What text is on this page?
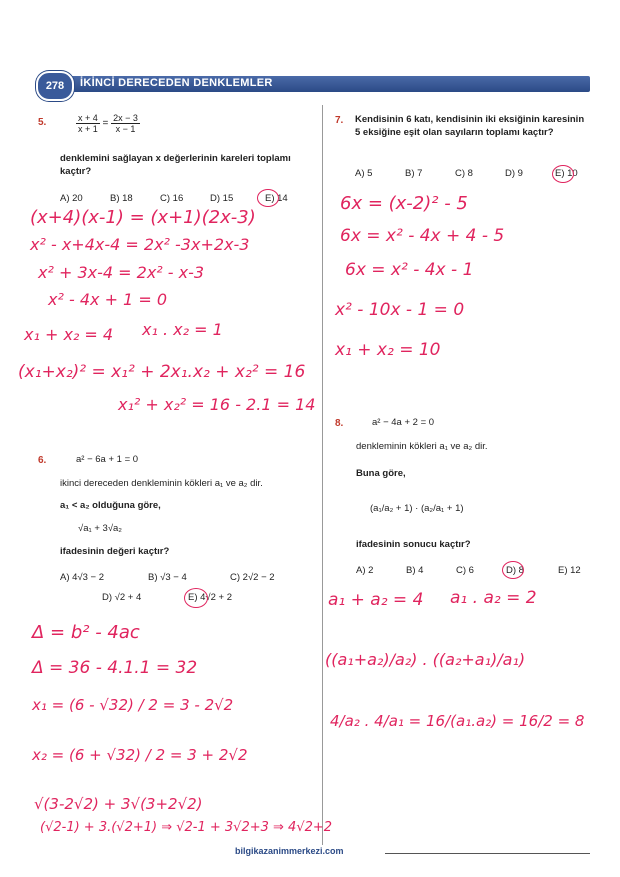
278	İKİNCİ DERECEDEN DENKLEMLER
5.	$\frac{x + 4}{x + 1} = \frac{2x - 3}{x - 1}$
denklemini sağlayan x değerlerinin kareleri toplamı kaçtır?
A) 20	B) 18	C) 16	D) 15	E) 14
(x+4)(x-1) = (x+1)(2x-3)
x² - x+4x-4 = 2x² -3x+2x-3
x² + 3x-4 = 2x² - x-3
x² - 4x + 1 = 0
x₁ + x₂ = 4 x₁ . x₂ = 1
(x₁+x₂)² = x₁² + 2x₁.x₂ + x₂² = 16
x₁² + x₂² = 16 - 2.1 = 14
6.	a² − 6a + 1 = 0
ikinci dereceden denkleminin kökleri a₁ ve a₂ dir.
a₁ < a₂ olduğuna göre,
√a₁ + 3√a₂
ifadesinin değeri kaçtır?
A) 4√3 − 2	B) √3 − 4	C) 2√2 − 2
D) √2 + 4	E) 4√2 + 2
Δ = b² - 4ac
Δ = 36 - 4.1.1 = 32
x₁ = (6 - √32) / 2 = 3 - 2√2
x₂ = (6 + √32) / 2 = 3 + 2√2
√(3-2√2) + 3√(3+2√2)
(√2-1) + 3.(√2+1) ⇒ √2-1 + 3√2+3 ⇒ 4√2+2
7. Kendisinin 6 katı, kendisinin iki eksiğinin karesinin 5 eksiğine eşit olan sayıların toplamı kaçtır?
A) 5	B) 7	C) 8	D) 9	E) 10
6x = (x-2)² - 5
6x = x² - 4x + 4 - 5
6x = x² - 4x - 1
x² - 10x - 1 = 0
x₁ + x₂ = 10
8.	a² − 4a + 2 = 0
denkleminin kökleri a₁ ve a₂ dir.
Buna göre,
(a₁/a₂ + 1) · (a₂/a₁ + 1)
ifadesinin sonucu kaçtır?
A) 2	B) 4	C) 6	D) 8	E) 12
a₁ + a₂ = 4 a₁ . a₂ = 2
((a₁+a₂)/a₂) . ((a₂+a₁)/a₁)
4/a₂ . 4/a₁ = 16/(a₁.a₂) = 16/2 = 8
bilgikazanimmerkezi.com
